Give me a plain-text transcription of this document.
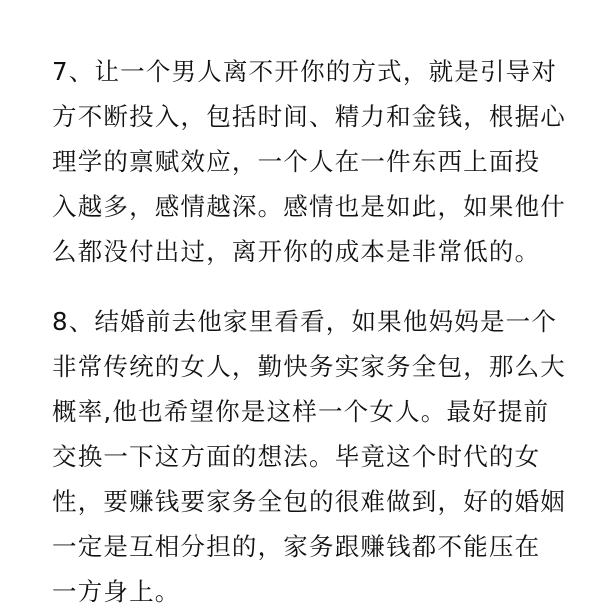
7、让一个男人离不开你的方式，就是引导对
方不断投入，包括时间、精力和金钱，根据心
理学的禀赋效应，一个人在一件东西上面投
入越多，感情越深。感情也是如此，如果他什
么都没付出过，离开你的成本是非常低的。
8、结婚前去他家里看看，如果他妈妈是一个
非常传统的女人，勤快务实家务全包，那么大
概率,他也希望你是这样一个女人。最好提前
交换一下这方面的想法。毕竟这个时代的女
性，要赚钱要家务全包的很难做到，好的婚姻
一定是互相分担的，家务跟赚钱都不能压在
一方身上。
